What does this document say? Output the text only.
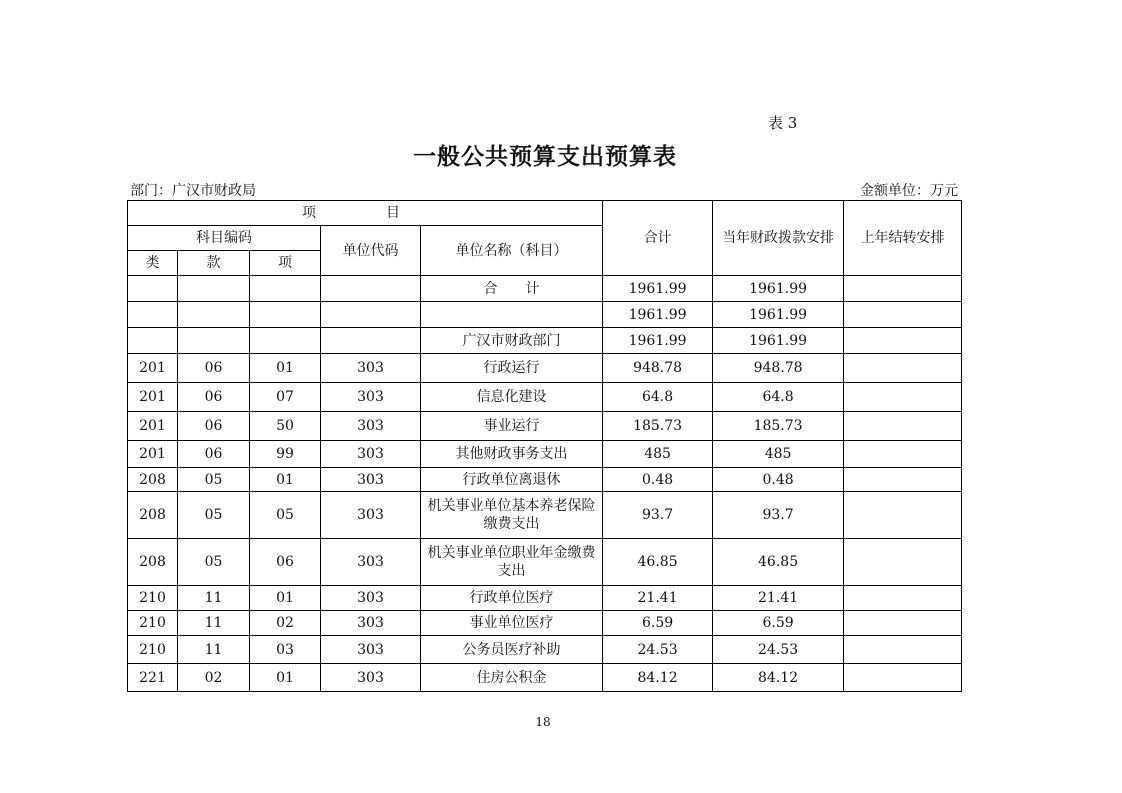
表 3
一般公共预算支出预算表
部门：广汉市财政局	金额单位：万元
项　目					合计	当年财政拨款安排	上年结转安排
科目编码			单位代码	单位名称（科目）			
类	款	项					
				合　　计	1961.99	1961.99	
					1961.99	1961.99	
				广汉市财政部门	1961.99	1961.99	
201	06	01	303	行政运行	948.78	948.78	
201	06	07	303	信息化建设	64.8	64.8	
201	06	50	303	事业运行	185.73	185.73	
201	06	99	303	其他财政事务支出	485	485	
208	05	01	303	行政单位离退休	0.48	0.48	
208	05	05	303	机关事业单位基本养老保险缴费支出	93.7	93.7	
208	05	06	303	机关事业单位职业年金缴费支出	46.85	46.85	
210	11	01	303	行政单位医疗	21.41	21.41	
210	11	02	303	事业单位医疗	6.59	6.59	
210	11	03	303	公务员医疗补助	24.53	24.53	
221	02	01	303	住房公积金	84.12	84.12	
18
